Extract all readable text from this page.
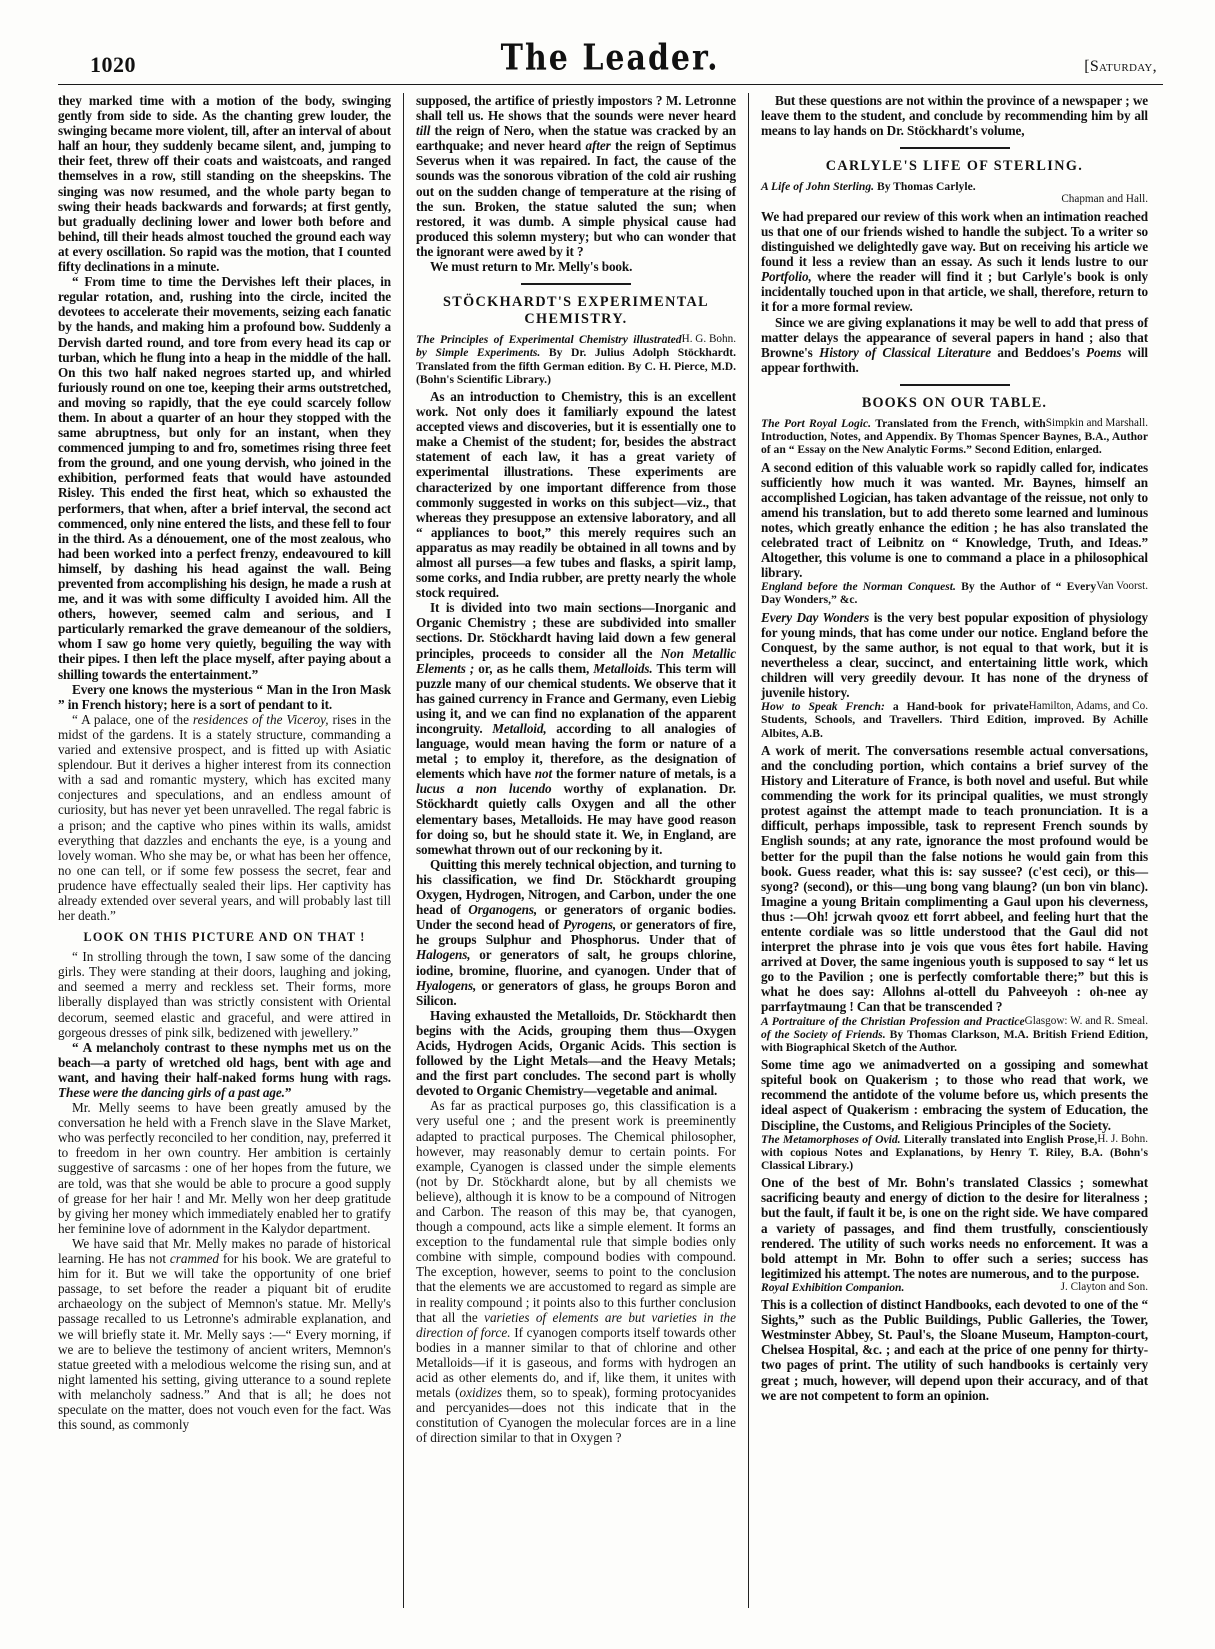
1020	The Leader.	[Saturday,

they marked time with a motion of the body, swinging gently from side to side. As the chanting grew louder, the swinging became more violent, till, after an interval of about half an hour, they suddenly became silent, and, jumping to their feet, threw off their coats and waistcoats, and ranged themselves in a row, still standing on the sheepskins. The singing was now resumed, and the whole party began to swing their heads backwards and forwards; at first gently, but gradually declining lower and lower both before and behind, till their heads almost touched the ground each way at every oscillation. So rapid was the motion, that I counted fifty declinations in a minute.

“ From time to time the Dervishes left their places, in regular rotation, and, rushing into the circle, incited the devotees to accelerate their movements, seizing each fanatic by the hands, and making him a profound bow. Suddenly a Dervish darted round, and tore from every head its cap or turban, which he flung into a heap in the middle of the hall. On this two half naked negroes started up, and whirled furiously round on one toe, keeping their arms outstretched, and moving so rapidly, that the eye could scarcely follow them. In about a quarter of an hour they stopped with the same abruptness, but only for an instant, when they commenced jumping to and fro, sometimes rising three feet from the ground, and one young dervish, who joined in the exhibition, performed feats that would have astounded Risley. This ended the first heat, which so exhausted the performers, that when, after a brief interval, the second act commenced, only nine entered the lists, and these fell to four in the third. As a dénouement, one of the most zealous, who had been worked into a perfect frenzy, endeavoured to kill himself, by dashing his head against the wall. Being prevented from accomplishing his design, he made a rush at me, and it was with some difficulty I avoided him. All the others, however, seemed calm and serious, and I particularly remarked the grave demeanour of the soldiers, whom I saw go home very quietly, beguiling the way with their pipes. I then left the place myself, after paying about a shilling towards the entertainment.”

Every one knows the mysterious “ Man in the Iron Mask ” in French history; here is a sort of pendant to it.

“ A palace, one of the residences of the Viceroy, rises in the midst of the gardens. It is a stately structure, commanding a varied and extensive prospect, and is fitted up with Asiatic splendour. But it derives a higher interest from its connection with a sad and romantic mystery, which has excited many conjectures and speculations, and an endless amount of curiosity, but has never yet been unravelled. The regal fabric is a prison; and the captive who pines within its walls, amidst everything that dazzles and enchants the eye, is a young and lovely woman. Who she may be, or what has been her offence, no one can tell, or if some few possess the secret, fear and prudence have effectually sealed their lips. Her captivity has already extended over several years, and will probably last till her death.”

LOOK ON THIS PICTURE AND ON THAT !

“ In strolling through the town, I saw some of the dancing girls. They were standing at their doors, laughing and joking, and seemed a merry and reckless set. Their forms, more liberally displayed than was strictly consistent with Oriental decorum, seemed elastic and graceful, and were attired in gorgeous dresses of pink silk, bedizened with jewellery.”

“ A melancholy contrast to these nymphs met us on the beach—a party of wretched old hags, bent with age and want, and having their half-naked forms hung with rags. These were the dancing girls of a past age.”

Mr. Melly seems to have been greatly amused by the conversation he held with a French slave in the Slave Market, who was perfectly reconciled to her condition, nay, preferred it to freedom in her own country. Her ambition is certainly suggestive of sarcasms : one of her hopes from the future, we are told, was that she would be able to procure a good supply of grease for her hair ! and Mr. Melly won her deep gratitude by giving her money which immediately enabled her to gratify her feminine love of adornment in the Kalydor department.

We have said that Mr. Melly makes no parade of historical learning. He has not crammed for his book. We are grateful to him for it. But we will take the opportunity of one brief passage, to set before the reader a piquant bit of erudite archaeology on the subject of Memnon's statue. Mr. Melly's passage recalled to us Letronne's admirable explanation, and we will briefly state it. Mr. Melly says :—“ Every morning, if we are to believe the testimony of ancient writers, Memnon's statue greeted with a melodious welcome the rising sun, and at night lamented his setting, giving utterance to a sound replete with melancholy sadness.” And that is all; he does not speculate on the matter, does not vouch even for the fact. Was this sound, as commonly

supposed, the artifice of priestly impostors ? M. Letronne shall tell us. He shows that the sounds were never heard till the reign of Nero, when the statue was cracked by an earthquake; and never heard after the reign of Septimus Severus when it was repaired. In fact, the cause of the sounds was the sonorous vibration of the cold air rushing out on the sudden change of temperature at the rising of the sun. Broken, the statue saluted the sun; when restored, it was dumb. A simple physical cause had produced this solemn mystery; but who can wonder that the ignorant were awed by it ?

We must return to Mr. Melly's book.

STÖCKHARDT'S EXPERIMENTAL CHEMISTRY.
H. G. Bohn.
The Principles of Experimental Chemistry illustrated by Simple Experiments. By Dr. Julius Adolph Stöckhardt. Translated from the fifth German edition. By C. H. Pierce, M.D. (Bohn's Scientific Library.)

As an introduction to Chemistry, this is an excellent work. Not only does it familiarly expound the latest accepted views and discoveries, but it is essentially one to make a Chemist of the student; for, besides the abstract statement of each law, it has a great variety of experimental illustrations. These experiments are characterized by one important difference from those commonly suggested in works on this subject—viz., that whereas they presuppose an extensive laboratory, and all “ appliances to boot,” this merely requires such an apparatus as may readily be obtained in all towns and by almost all purses—a few tubes and flasks, a spirit lamp, some corks, and India rubber, are pretty nearly the whole stock required.

It is divided into two main sections—Inorganic and Organic Chemistry ; these are subdivided into smaller sections. Dr. Stöckhardt having laid down a few general principles, proceeds to consider all the Non Metallic Elements ; or, as he calls them, Metalloids. This term will puzzle many of our chemical students. We observe that it has gained currency in France and Germany, even Liebig using it, and we can find no explanation of the apparent incongruity. Metalloid, according to all analogies of language, would mean having the form or nature of a metal ; to employ it, therefore, as the designation of elements which have not the former nature of metals, is a lucus a non lucendo worthy of explanation. Dr. Stöckhardt quietly calls Oxygen and all the other elementary bases, Metalloids. He may have good reason for doing so, but he should state it. We, in England, are somewhat thrown out of our reckoning by it.

Quitting this merely technical objection, and turning to his classification, we find Dr. Stöckhardt grouping Oxygen, Hydrogen, Nitrogen, and Carbon, under the one head of Organogens, or generators of organic bodies. Under the second head of Pyrogens, or generators of fire, he groups Sulphur and Phosphorus. Under that of Halogens, or generators of salt, he groups chlorine, iodine, bromine, fluorine, and cyanogen. Under that of Hyalogens, or generators of glass, he groups Boron and Silicon.

Having exhausted the Metalloids, Dr. Stöckhardt then begins with the Acids, grouping them thus—Oxygen Acids, Hydrogen Acids, Organic Acids. This section is followed by the Light Metals—and the Heavy Metals; and the first part concludes. The second part is wholly devoted to Organic Chemistry—vegetable and animal.

As far as practical purposes go, this classification is a very useful one ; and the present work is preeminently adapted to practical purposes. The Chemical philosopher, however, may reasonably demur to certain points. For example, Cyanogen is classed under the simple elements (not by Dr. Stöckhardt alone, but by all chemists we believe), although it is know to be a compound of Nitrogen and Carbon. The reason of this may be, that cyanogen, though a compound, acts like a simple element. It forms an exception to the fundamental rule that simple bodies only combine with simple, compound bodies with compound. The exception, however, seems to point to the conclusion that the elements we are accustomed to regard as simple are in reality compound ; it points also to this further conclusion that all the varieties of elements are but varieties in the direction of force. If cyanogen comports itself towards other bodies in a manner similar to that of chlorine and other Metalloids—if it is gaseous, and forms with hydrogen an acid as other elements do, and if, like them, it unites with metals (oxidizes them, so to speak), forming protocyanides and percyanides—does not this indicate that in the constitution of Cyanogen the molecular forces are in a line of direction similar to that in Oxygen ?

But these questions are not within the province of a newspaper ; we leave them to the student, and conclude by recommending him by all means to lay hands on Dr. Stöckhardt's volume,

CARLYLE'S LIFE OF STERLING.
A Life of John Sterling. By Thomas Carlyle.
Chapman and Hall.

We had prepared our review of this work when an intimation reached us that one of our friends wished to handle the subject. To a writer so distinguished we delightedly gave way. But on receiving his article we found it less a review than an essay. As such it lends lustre to our Portfolio, where the reader will find it ; but Carlyle's book is only incidentally touched upon in that article, we shall, therefore, return to it for a more formal review.

Since we are giving explanations it may be well to add that press of matter delays the appearance of several papers in hand ; also that Browne's History of Classical Literature and Beddoes's Poems will appear forthwith.

BOOKS ON OUR TABLE.
Simpkin and Marshall.
The Port Royal Logic. Translated from the French, with Introduction, Notes, and Appendix. By Thomas Spencer Baynes, B.A., Author of an “ Essay on the New Analytic Forms.” Second Edition, enlarged.

A second edition of this valuable work so rapidly called for, indicates sufficiently how much it was wanted. Mr. Baynes, himself an accomplished Logician, has taken advantage of the reissue, not only to amend his translation, but to add thereto some learned and luminous notes, which greatly enhance the edition ; he has also translated the celebrated tract of Leibnitz on “ Knowledge, Truth, and Ideas.” Altogether, this volume is one to command a place in a philosophical library.

Van Voorst.
England before the Norman Conquest. By the Author of “ Every Day Wonders,” &c.

Every Day Wonders is the very best popular exposition of physiology for young minds, that has come under our notice. England before the Conquest, by the same author, is not equal to that work, but it is nevertheless a clear, succinct, and entertaining little work, which children will very greedily devour. It has none of the dryness of juvenile history.

Hamilton, Adams, and Co.
How to Speak French: a Hand-book for private Students, Schools, and Travellers. Third Edition, improved. By Achille Albites, A.B.

A work of merit. The conversations resemble actual conversations, and the concluding portion, which contains a brief survey of the History and Literature of France, is both novel and useful. But while commending the work for its principal qualities, we must strongly protest against the attempt made to teach pronunciation. It is a difficult, perhaps impossible, task to represent French sounds by English sounds; at any rate, ignorance the most profound would be better for the pupil than the false notions he would gain from this book. Guess reader, what this is: say sussee? (c'est ceci), or this—syong? (second), or this—ung bong vang blaung? (un bon vin blanc). Imagine a young Britain complimenting a Gaul upon his cleverness, thus :—Oh! jcrwah qvooz ett forrt abbeel, and feeling hurt that the entente cordiale was so little understood that the Gaul did not interpret the phrase into je vois que vous êtes fort habile. Having arrived at Dover, the same ingenious youth is supposed to say “ let us go to the Pavilion ; one is perfectly comfortable there;” but this is what he does say: Allohns al-ottell du Pahveeyoh : oh-nee ay parrfaytmaung ! Can that be transcended ?

Glasgow: W. and R. Smeal.
A Portraiture of the Christian Profession and Practice of the Society of Friends. By Thomas Clarkson, M.A. British Friend Edition, with Biographical Sketch of the Author.

Some time ago we animadverted on a gossiping and somewhat spiteful book on Quakerism ; to those who read that work, we recommend the antidote of the volume before us, which presents the ideal aspect of Quakerism : embracing the system of Education, the Discipline, the Customs, and Religious Principles of the Society.

H. J. Bohn.
The Metamorphoses of Ovid. Literally translated into English Prose, with copious Notes and Explanations, by Henry T. Riley, B.A. (Bohn's Classical Library.)

One of the best of Mr. Bohn's translated Classics ; somewhat sacrificing beauty and energy of diction to the desire for literalness ; but the fault, if fault it be, is one on the right side. We have compared a variety of passages, and find them trustfully, conscientiously rendered. The utility of such works needs no enforcement. It was a bold attempt in Mr. Bohn to offer such a series; success has legitimized his attempt. The notes are numerous, and to the purpose.

J. Clayton and Son.
Royal Exhibition Companion.

This is a collection of distinct Handbooks, each devoted to one of the “ Sights,” such as the Public Buildings, Public Galleries, the Tower, Westminster Abbey, St. Paul's, the Sloane Museum, Hampton-court, Chelsea Hospital, &c. ; and each at the price of one penny for thirty-two pages of print. The utility of such handbooks is certainly very great ; much, however, will depend upon their accuracy, and of that we are not competent to form an opinion.
